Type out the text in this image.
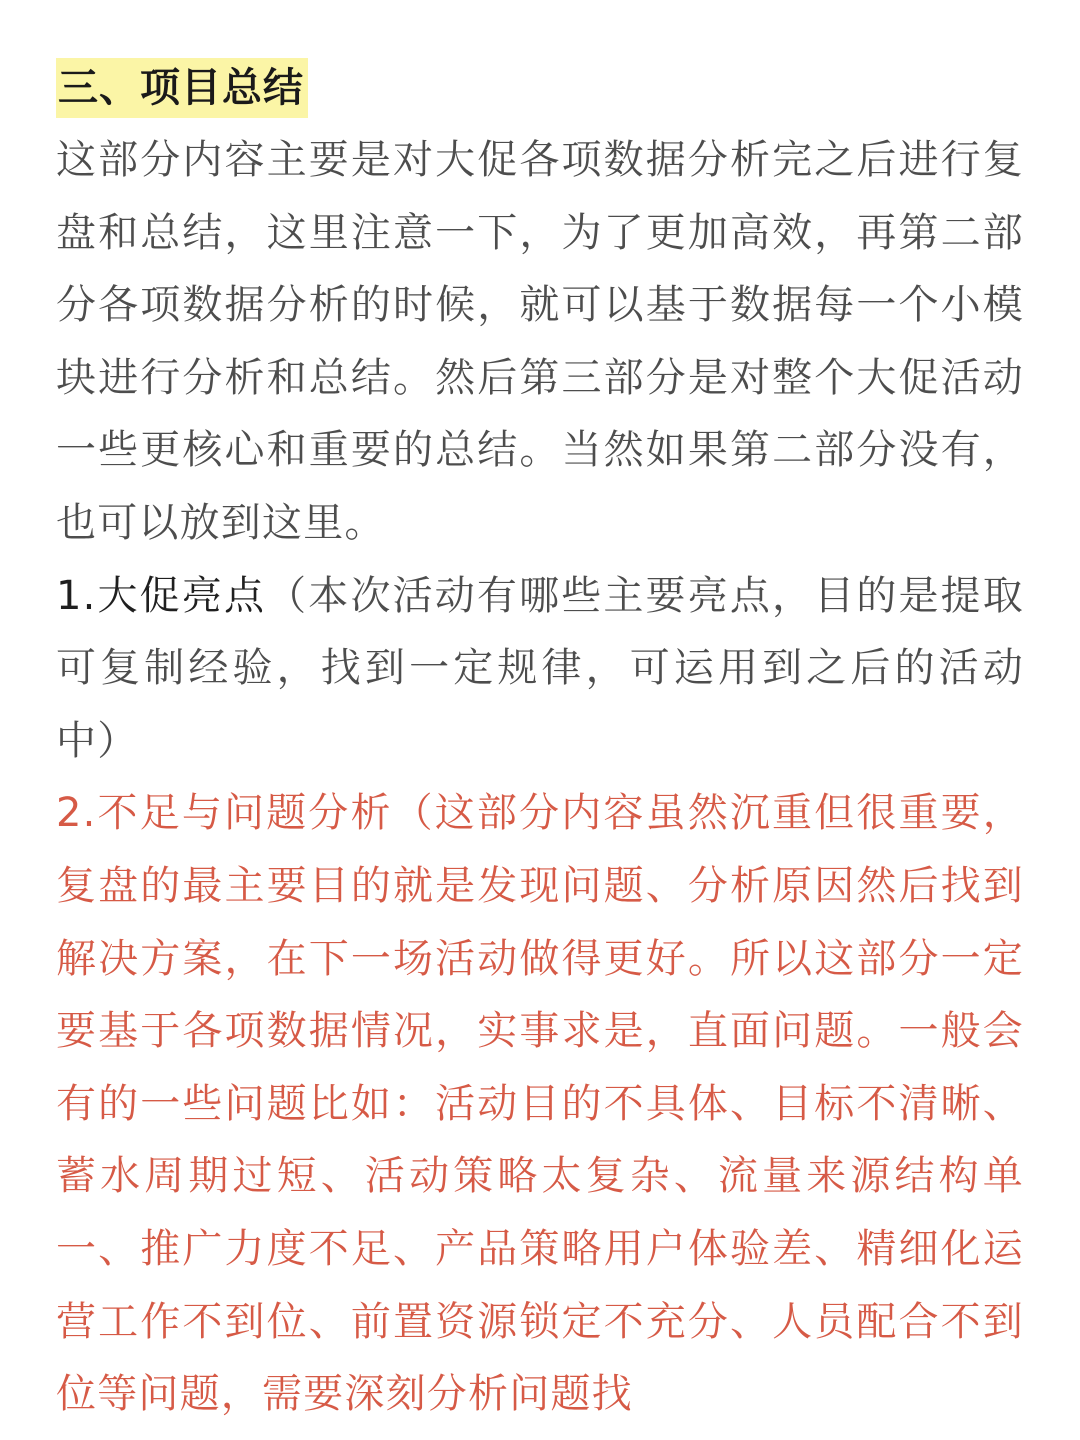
三、项目总结

这部分内容主要是对大促各项数据分析完之后进行复盘和总结，这里注意一下，为了更加高效，再第二部分各项数据分析的时候，就可以基于数据每一个小模块进行分析和总结。然后第三部分是对整个大促活动一些更核心和重要的总结。当然如果第二部分没有，也可以放到这里。

1.大促亮点（本次活动有哪些主要亮点，目的是提取可复制经验，找到一定规律，可运用到之后的活动中）

2.不足与问题分析（这部分内容虽然沉重但很重要，复盘的最主要目的就是发现问题、分析原因然后找到解决方案，在下一场活动做得更好。所以这部分一定要基于各项数据情况，实事求是，直面问题。一般会有的一些问题比如：活动目的不具体、目标不清晰、蓄水周期过短、活动策略太复杂、流量来源结构单一、推广力度不足、产品策略用户体验差、精细化运营工作不到位、前置资源锁定不充分、人员配合不到位等问题，需要深刻分析问题找
